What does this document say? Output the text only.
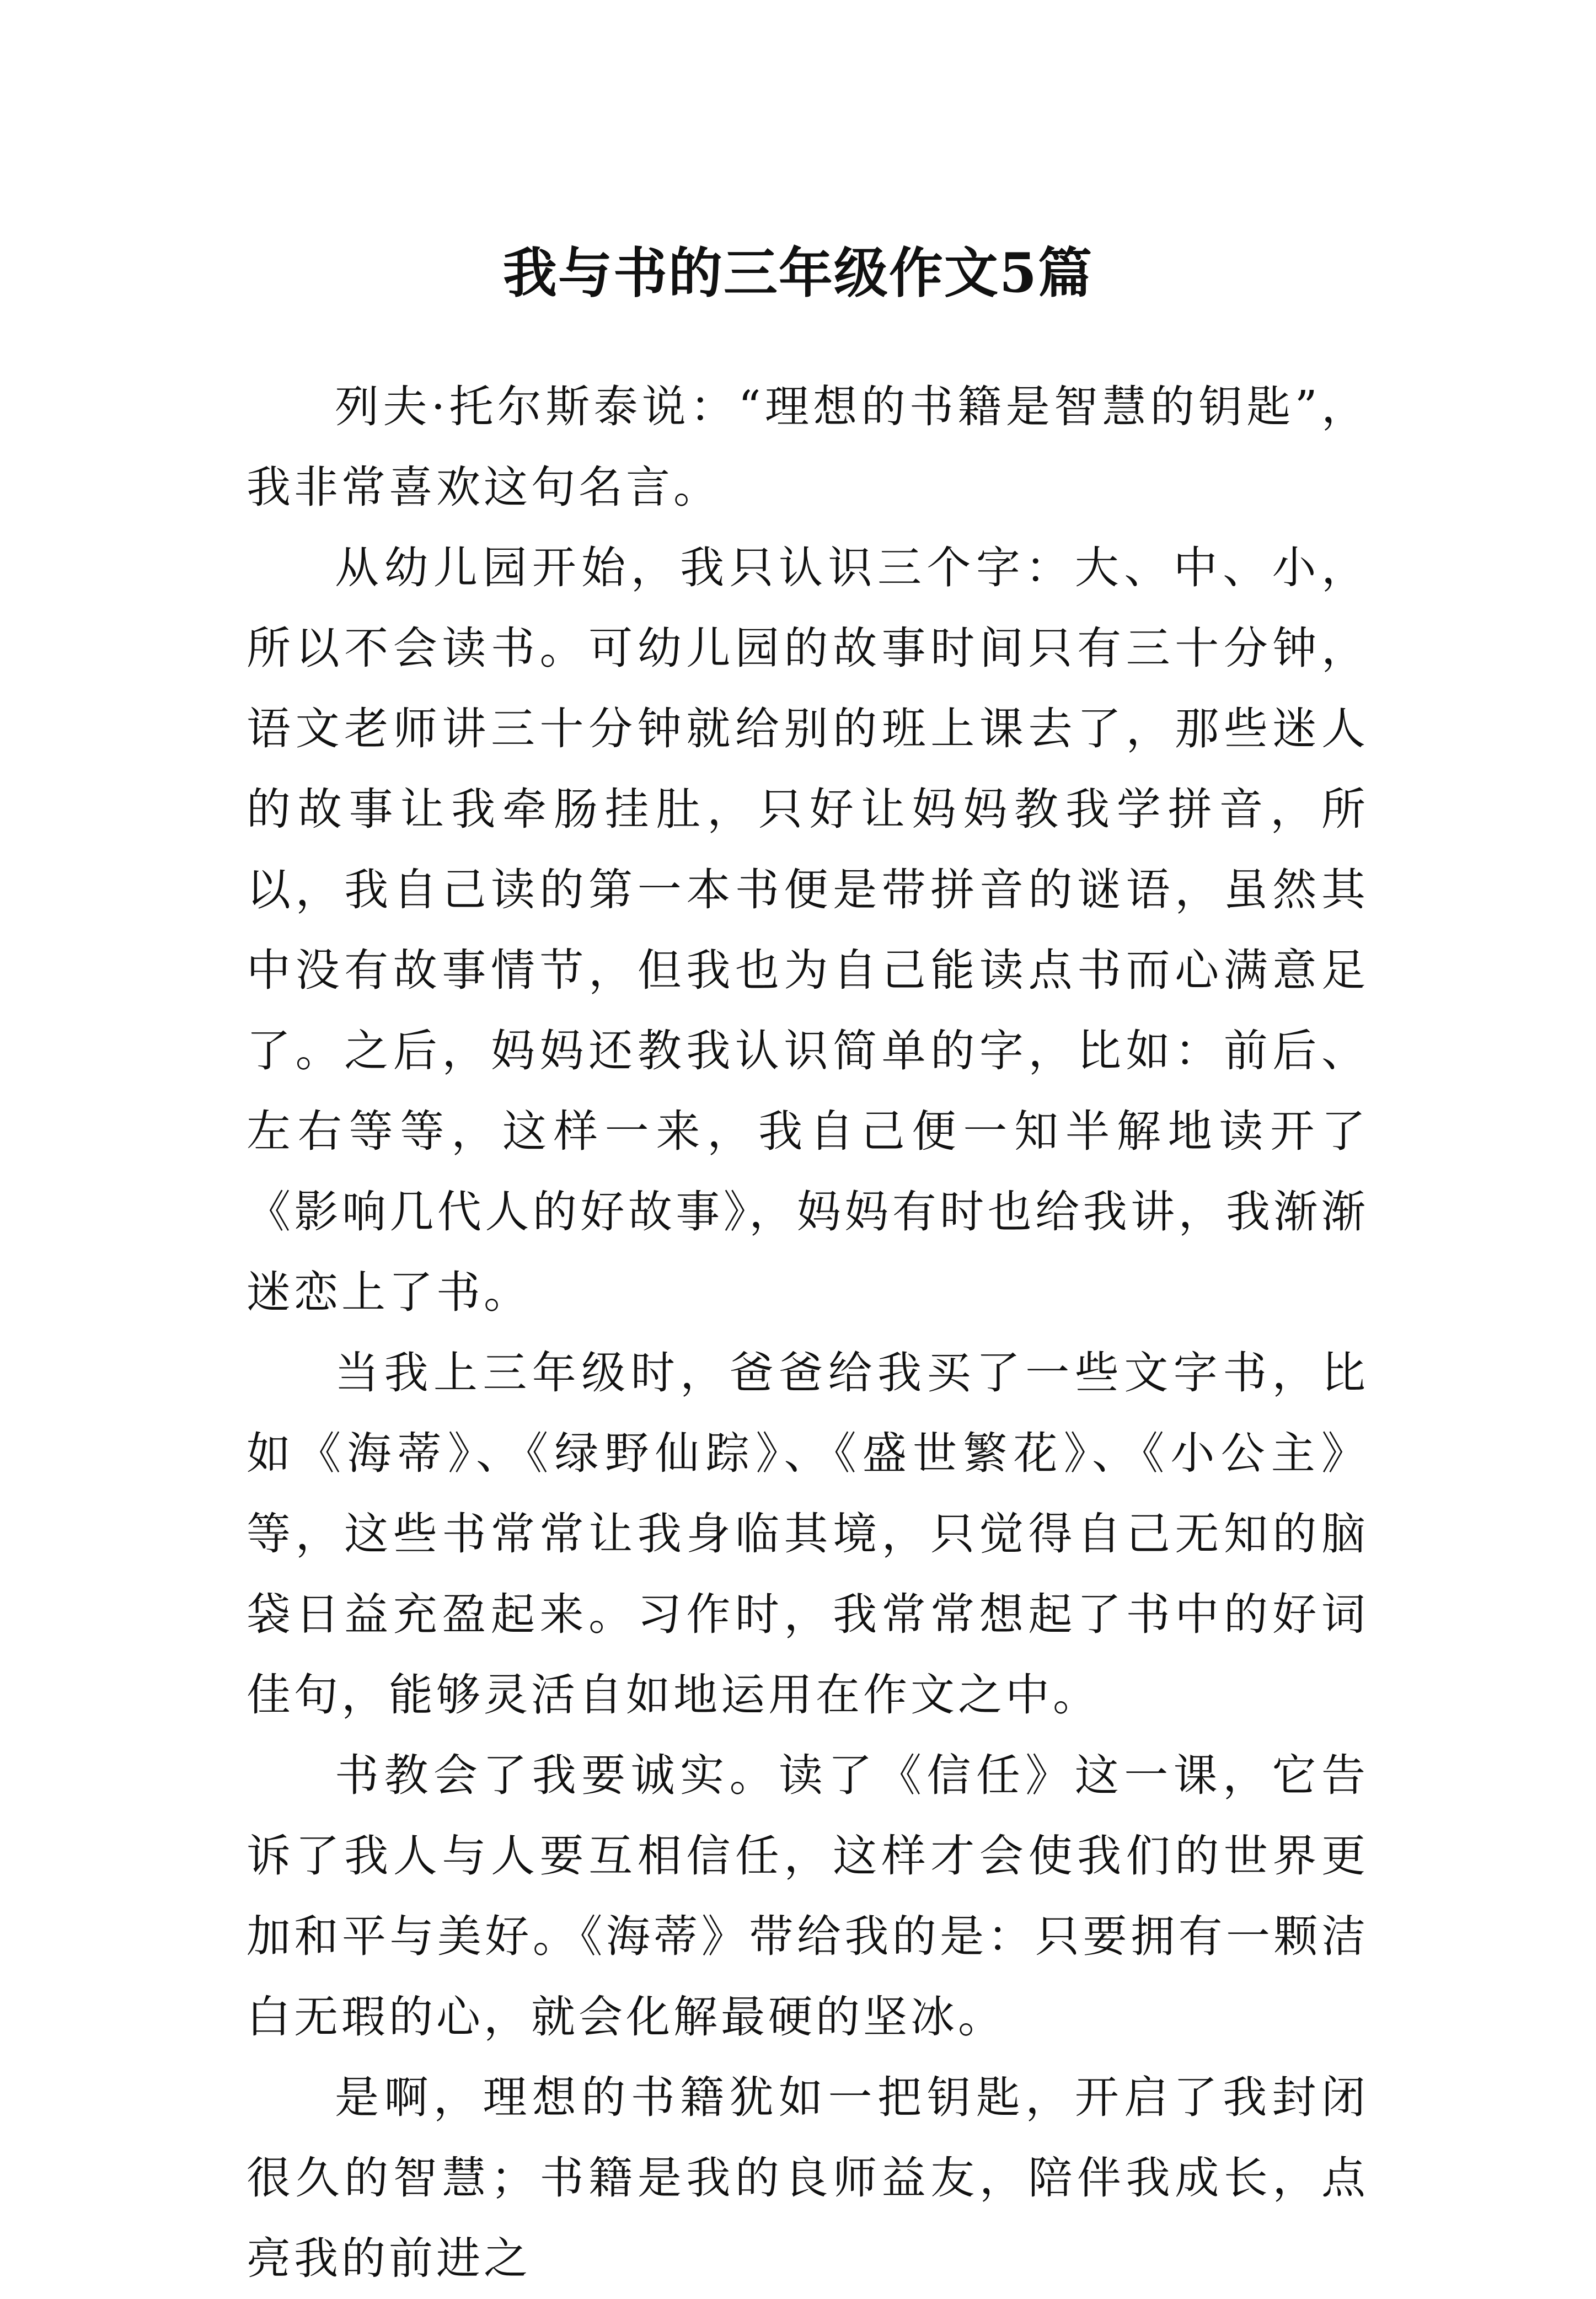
我与书的三年级作文5篇

列夫·托尔斯泰说：“理想的书籍是智慧的钥匙”，我非常喜欢这句名言。

从幼儿园开始，我只认识三个字：大、中、小，所以不会读书。可幼儿园的故事时间只有三十分钟，语文老师讲三十分钟就给别的班上课去了，那些迷人的故事让我牵肠挂肚，只好让妈妈教我学拼音，所以，我自己读的第一本书便是带拼音的谜语，虽然其中没有故事情节，但我也为自己能读点书而心满意足了。之后，妈妈还教我认识简单的字，比如：前后、左右等等，这样一来，我自己便一知半解地读开了《影响几代人的好故事》，妈妈有时也给我讲，我渐渐迷恋上了书。

当我上三年级时，爸爸给我买了一些文字书，比如《海蒂》、《绿野仙踪》、《盛世繁花》、《小公主》等，这些书常常让我身临其境，只觉得自己无知的脑袋日益充盈起来。习作时，我常常想起了书中的好词佳句，能够灵活自如地运用在作文之中。

书教会了我要诚实。读了《信任》这一课，它告诉了我人与人要互相信任，这样才会使我们的世界更加和平与美好。《海蒂》带给我的是：只要拥有一颗洁白无瑕的心，就会化解最硬的坚冰。

是啊，理想的书籍犹如一把钥匙，开启了我封闭很久的智慧；书籍是我的良师益友，陪伴我成长，点亮我的前进之
